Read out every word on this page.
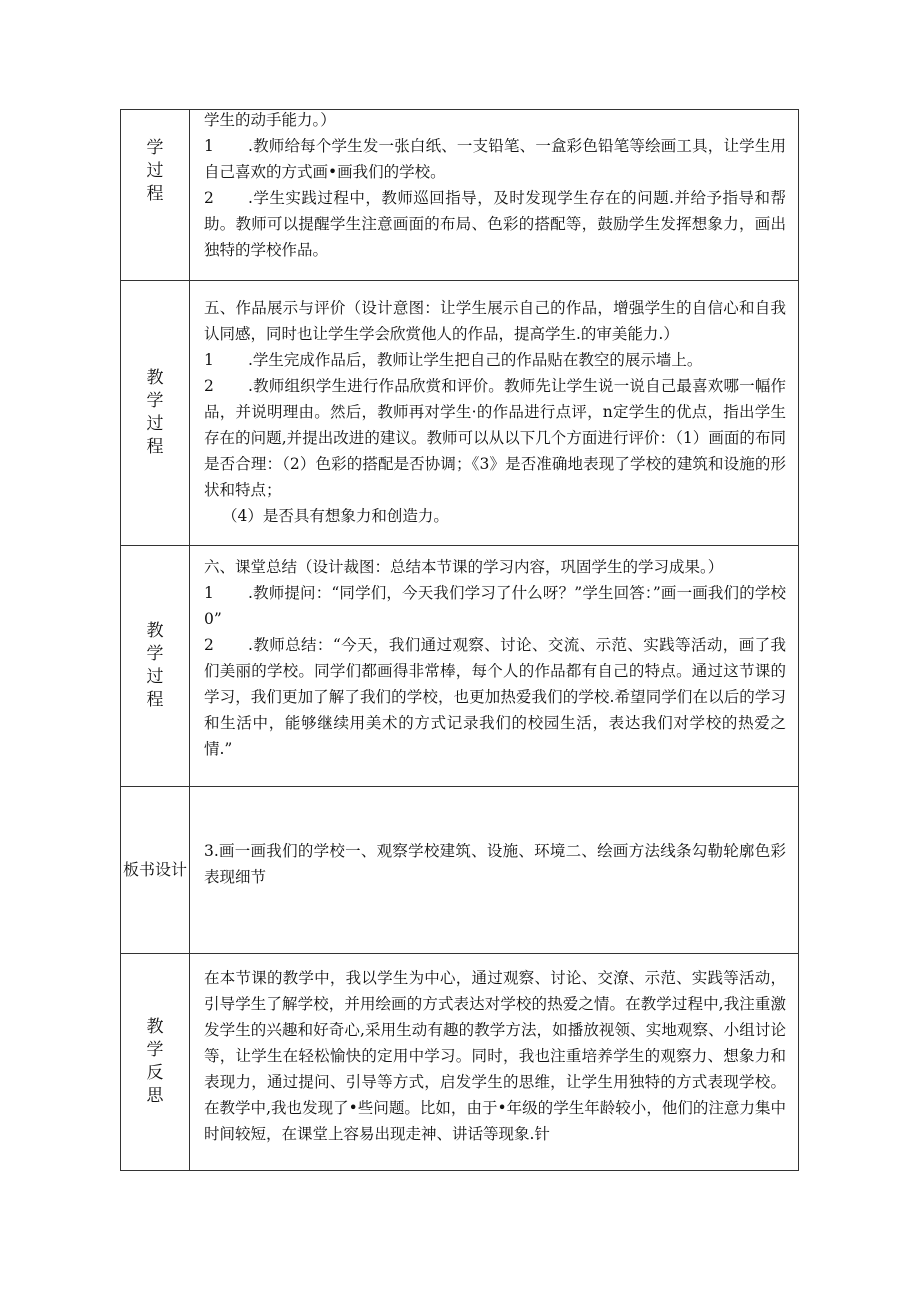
学过程	学生的动手能力。）

1 .教师给每个学生发一张白纸、一支铅笔、一盒彩色铅笔等绘画工具，让学生用自己喜欢的方式画•画我们的学校。

2 .学生实践过程中，教师巡回指导，及时发现学生存在的问题.并给予指导和帮助。教师可以提醒学生注意画面的布局、色彩的搭配等，鼓励学生发挥想象力，画出独特的学校作品。

教学过程	五、作品展示与评价（设计意图：让学生展示自己的作品，增强学生的自信心和自我认同感，同时也让学生学会欣赏他人的作品，提高学生.的审美能力.）

1 .学生完成作品后，教师让学生把自己的作品贴在教空的展示墙上。

2 .教师组织学生进行作品欣赏和评价。教师先让学生说一说自己最喜欢哪一幅作品，并说明理由。然后，教师再对学生·的作品进行点评，n定学生的优点，指出学生存在的问题,并提出改进的建议。教师可以从以下几个方面进行评价：（1）画面的布同是否合理：（2）色彩的搭配是否协调；《3》是否准确地表现了学校的建筑和设施的形状和特点；

（4）是否具有想象力和创造力。

教学过程	六、课堂总结（设计裁图：总结本节课的学习内容，巩固学生的学习成果。）

1 .教师提问：“同学们，今天我们学习了什么呀？”学生回答：”画一画我们的学校0”

2 .教师总结：“今天，我们通过观察、讨论、交流、示范、实践等活动，画了我们美丽的学校。同学们都画得非常棒，每个人的作品都有自己的特点。通过这节课的学习，我们更加了解了我们的学校，也更加热爱我们的学校.希望同学们在以后的学习和生活中，能够继续用美术的方式记录我们的校园生活，表达我们对学校的热爱之情.”

板书设计	3.画一画我们的学校一、观察学校建筑、设施、环境二、绘画方法线条勾勒轮廓色彩表现细节

教学反思	在本节课的教学中，我以学生为中心，通过观察、讨论、交潦、示范、实践等活动，引导学生了解学校，并用绘画的方式表达对学校的热爱之情。在教学过程中,我注重激发学生的兴趣和好奇心,采用生动有趣的教学方法，如播放视领、实地观察、小组讨论等，让学生在轻松愉快的定用中学习。同时，我也注重培养学生的观察力、想象力和表现力，通过提问、引导等方式，启发学生的思维，让学生用独特的方式表现学校。在教学中,我也发现了•些问题。比如，由于•年级的学生年龄较小，他们的注意力集中时间较短，在课堂上容易出现走神、讲话等现象.针
